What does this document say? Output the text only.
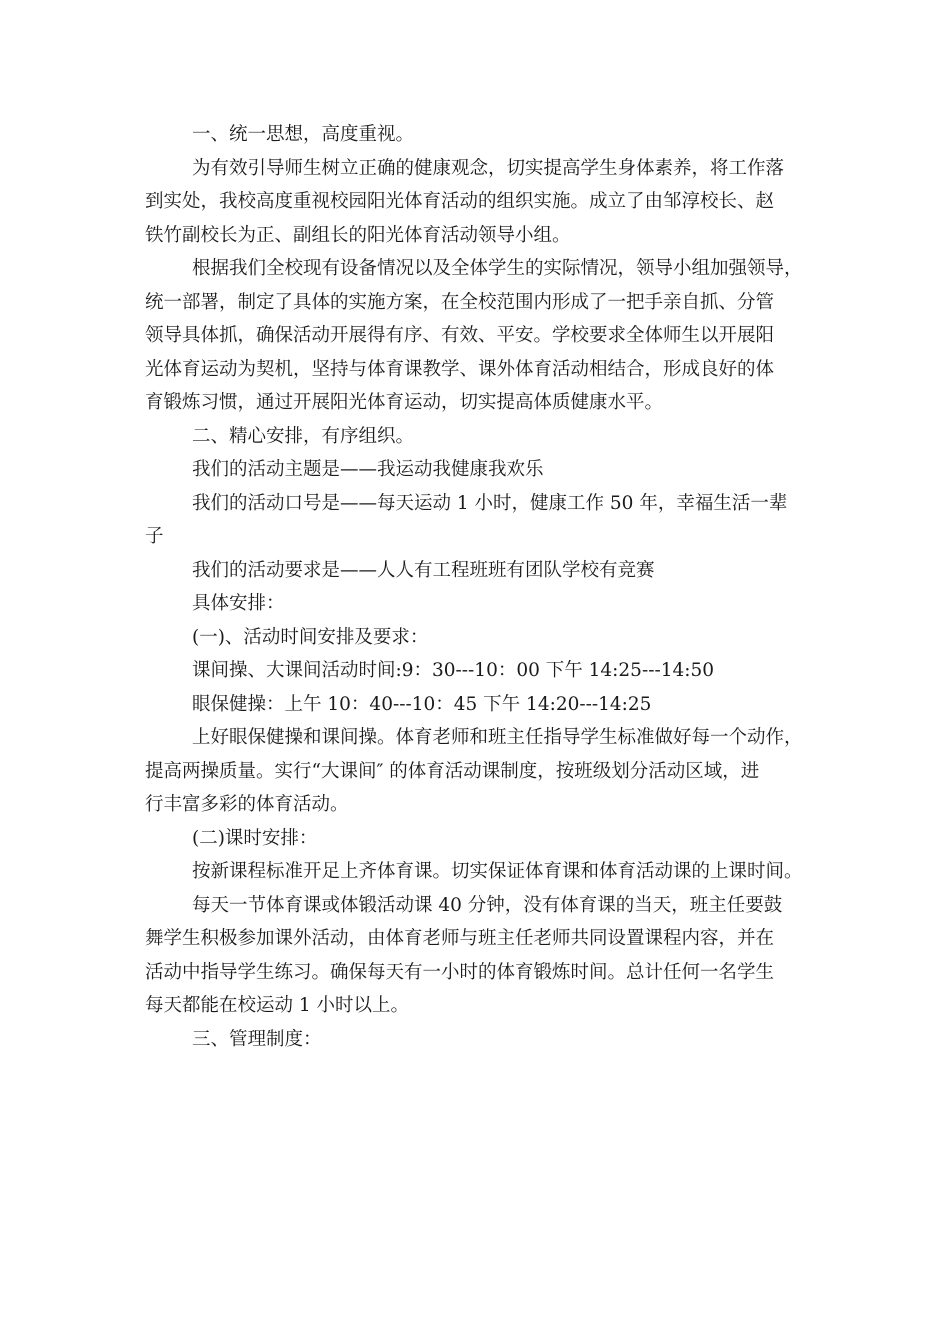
一、统一思想，高度重视。
为有效引导师生树立正确的健康观念，切实提高学生身体素养，将工作落
到实处，我校高度重视校园阳光体育活动的组织实施。成立了由邹淳校长、赵
铁竹副校长为正、副组长的阳光体育活动领导小组。
根据我们全校现有设备情况以及全体学生的实际情况，领导小组加强领导，
统一部署，制定了具体的实施方案，在全校范围内形成了一把手亲自抓、分管
领导具体抓，确保活动开展得有序、有效、平安。学校要求全体师生以开展阳
光体育运动为契机，坚持与体育课教学、课外体育活动相结合，形成良好的体
育锻炼习惯，通过开展阳光体育运动，切实提高体质健康水平。
二、精心安排，有序组织。
我们的活动主题是——我运动我健康我欢乐
我们的活动口号是——每天运动 1 小时，健康工作 50 年，幸福生活一辈
子
我们的活动要求是——人人有工程班班有团队学校有竞赛
具体安排：
(一)、活动时间安排及要求：
课间操、大课间活动时间:9：30---10：00 下午 14:25---14:50
眼保健操：上午 10：40---10：45 下午 14:20---14:25
上好眼保健操和课间操。体育老师和班主任指导学生标准做好每一个动作，
提高两操质量。实行“大课间″ 的体育活动课制度，按班级划分活动区域，进
行丰富多彩的体育活动。
(二)课时安排：
按新课程标准开足上齐体育课。切实保证体育课和体育活动课的上课时间。
每天一节体育课或体锻活动课 40 分钟，没有体育课的当天，班主任要鼓
舞学生积极参加课外活动，由体育老师与班主任老师共同设置课程内容，并在
活动中指导学生练习。确保每天有一小时的体育锻炼时间。总计任何一名学生
每天都能在校运动 1 小时以上。
三、管理制度：
